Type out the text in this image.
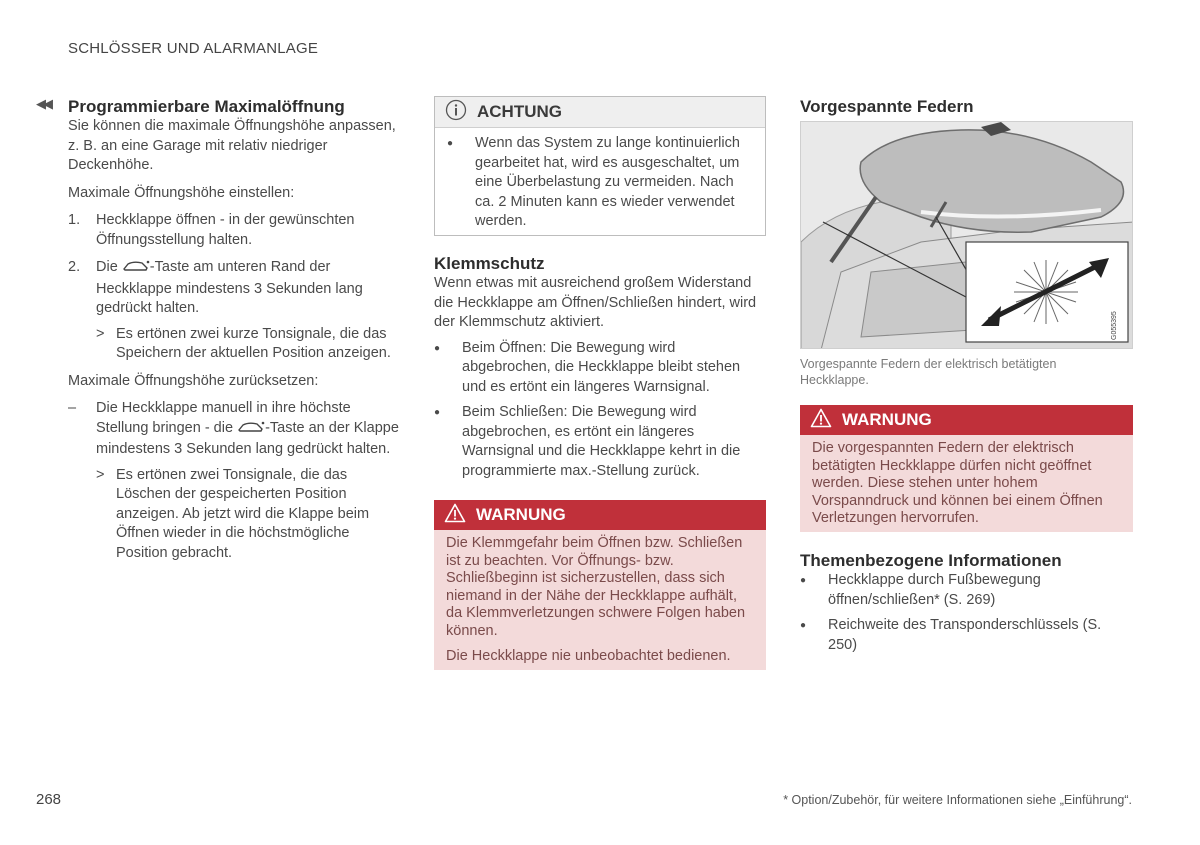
SCHLÖSSER UND ALARMANLAGE
◀◀ Programmierbare Maximalöffnung

Sie können die maximale Öffnungshöhe anpassen, z. B. an eine Garage mit relativ niedriger Deckenhöhe.

Maximale Öffnungshöhe einstellen:

1.	Heckklappe öffnen - in der gewünschten Öffnungsstellung halten.
2.	Die -Taste am unteren Rand der Heckklappe mindestens 3 Sekunden lang gedrückt halten.
> Es ertönen zwei kurze Tonsignale, die das Speichern der aktuellen Position anzeigen.

Maximale Öffnungshöhe zurücksetzen:

–	Die Heckklappe manuell in ihre höchste Stellung bringen - die -Taste an der Klappe mindestens 3 Sekunden lang gedrückt halten.
> Es ertönen zwei Tonsignale, die das Löschen der gespeicherten Position anzeigen. Ab jetzt wird die Klappe beim Öffnen wieder in die höchstmögliche Position gebracht.
ACHTUNG
●	Wenn das System zu lange kontinuierlich gearbeitet hat, wird es ausgeschaltet, um eine Überbelastung zu vermeiden. Nach ca. 2 Minuten kann es wieder verwendet werden.
Klemmschutz

Wenn etwas mit ausreichend großem Widerstand die Heckklappe am Öffnen/Schließen hindert, wird der Klemmschutz aktiviert.

●	Beim Öffnen: Die Bewegung wird abgebrochen, die Heckklappe bleibt stehen und es ertönt ein längeres Warnsignal.
●	Beim Schließen: Die Bewegung wird abgebrochen, es ertönt ein längeres Warnsignal und die Heckklappe kehrt in die programmierte max.-Stellung zurück.
WARNUNG

Die Klemmgefahr beim Öffnen bzw. Schließen ist zu beachten. Vor Öffnungs- bzw. Schließbeginn ist sicherzustellen, dass sich niemand in der Nähe der Heckklappe aufhält, da Klemmverletzungen schwere Folgen haben können.

Die Heckklappe nie unbeobachtet bedienen.

Vorgespannte Federn
G055395
Vorgespannte Federn der elektrisch betätigten Heckklappe.
WARNUNG

Die vorgespannten Federn der elektrisch betätigten Heckklappe dürfen nicht geöffnet werden. Diese stehen unter hohem Vorspanndruck und können bei einem Öffnen Verletzungen hervorrufen.

Themenbezogene Informationen
●	Heckklappe durch Fußbewegung öffnen/schließen* (S. 269)
●	Reichweite des Transponderschlüssels (S. 250)
268	* Option/Zubehör, für weitere Informationen siehe „Einführung“.
